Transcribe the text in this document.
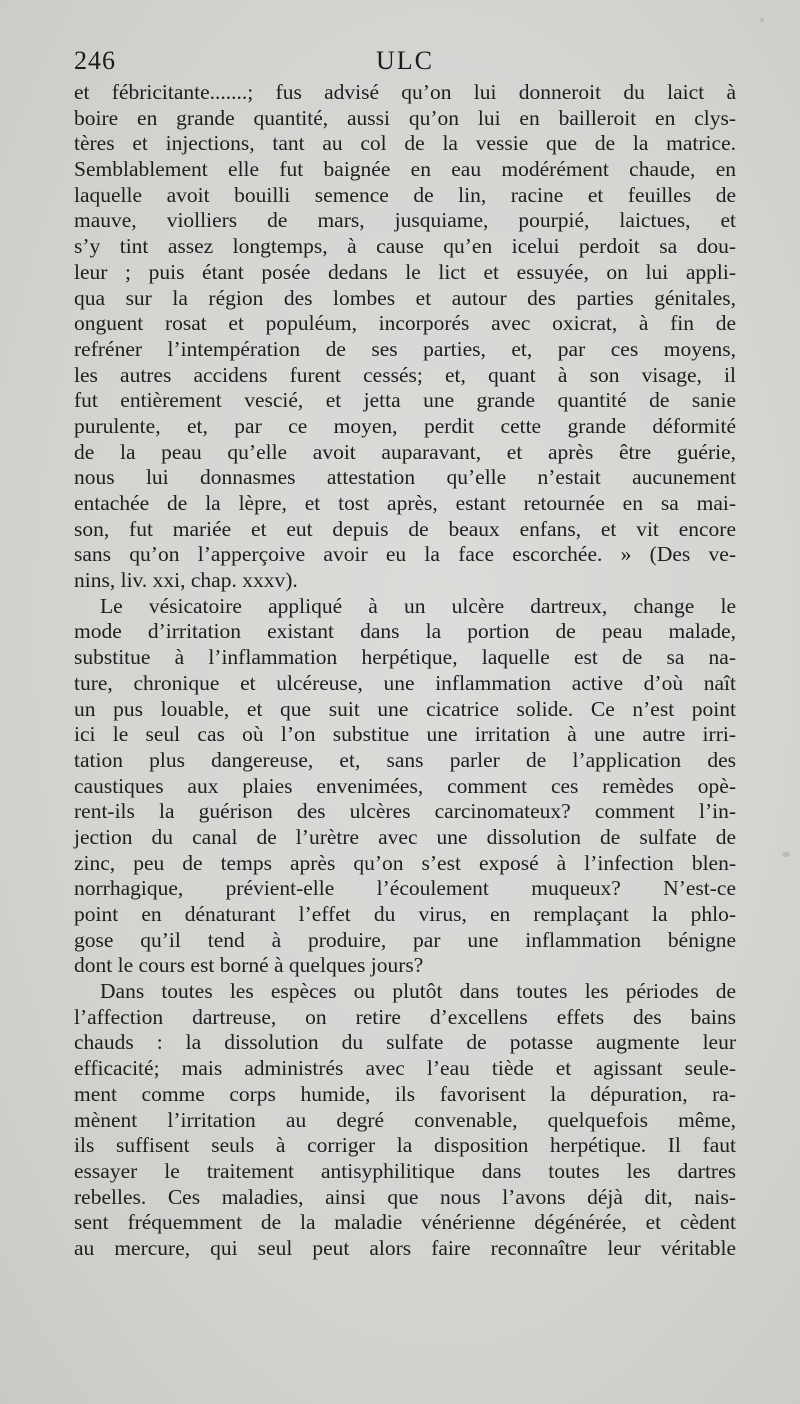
246	ULC
et fébricitante.......; fus advisé qu’on lui donneroit du laict à
boire en grande quantité, aussi qu’on lui en bailleroit en clys-
tères et injections, tant au col de la vessie que de la matrice.
Semblablement elle fut baignée en eau modérément chaude, en
laquelle avoit bouilli semence de lin, racine et feuilles de
mauve, violliers de mars, jusquiame, pourpié, laictues, et
s’y tint assez longtemps, à cause qu’en icelui perdoit sa dou-
leur ; puis étant posée dedans le lict et essuyée, on lui appli-
qua sur la région des lombes et autour des parties génitales,
onguent rosat et populéum, incorporés avec oxicrat, à fin de
refréner l’intempération de ses parties, et, par ces moyens,
les autres accidens furent cessés; et, quant à son visage, il
fut entièrement vescié, et jetta une grande quantité de sanie
purulente, et, par ce moyen, perdit cette grande déformité
de la peau qu’elle avoit auparavant, et après être guérie,
nous lui donnasmes attestation qu’elle n’estait aucunement
entachée de la lèpre, et tost après, estant retournée en sa mai-
son, fut mariée et eut depuis de beaux enfans, et vit encore
sans qu’on l’apperçoive avoir eu la face escorchée. » (Des ve-
nins, liv. xxi, chap. xxxv).
Le vésicatoire appliqué à un ulcère dartreux, change le
mode d’irritation existant dans la portion de peau malade,
substitue à l’inflammation herpétique, laquelle est de sa na-
ture, chronique et ulcéreuse, une inflammation active d’où naît
un pus louable, et que suit une cicatrice solide. Ce n’est point
ici le seul cas où l’on substitue une irritation à une autre irri-
tation plus dangereuse, et, sans parler de l’application des
caustiques aux plaies envenimées, comment ces remèdes opè-
rent-ils la guérison des ulcères carcinomateux? comment l’in-
jection du canal de l’urètre avec une dissolution de sulfate de
zinc, peu de temps après qu’on s’est exposé à l’infection blen-
norrhagique, prévient-elle l’écoulement muqueux? N’est-ce
point en dénaturant l’effet du virus, en remplaçant la phlo-
gose qu’il tend à produire, par une inflammation bénigne
dont le cours est borné à quelques jours?
Dans toutes les espèces ou plutôt dans toutes les périodes de
l’affection dartreuse, on retire d’excellens effets des bains
chauds : la dissolution du sulfate de potasse augmente leur
efficacité; mais administrés avec l’eau tiède et agissant seule-
ment comme corps humide, ils favorisent la dépuration, ra-
mènent l’irritation au degré convenable, quelquefois même,
ils suffisent seuls à corriger la disposition herpétique. Il faut
essayer le traitement antisyphilitique dans toutes les dartres
rebelles. Ces maladies, ainsi que nous l’avons déjà dit, nais-
sent fréquemment de la maladie vénérienne dégénérée, et cèdent
au mercure, qui seul peut alors faire reconnaître leur véritable
